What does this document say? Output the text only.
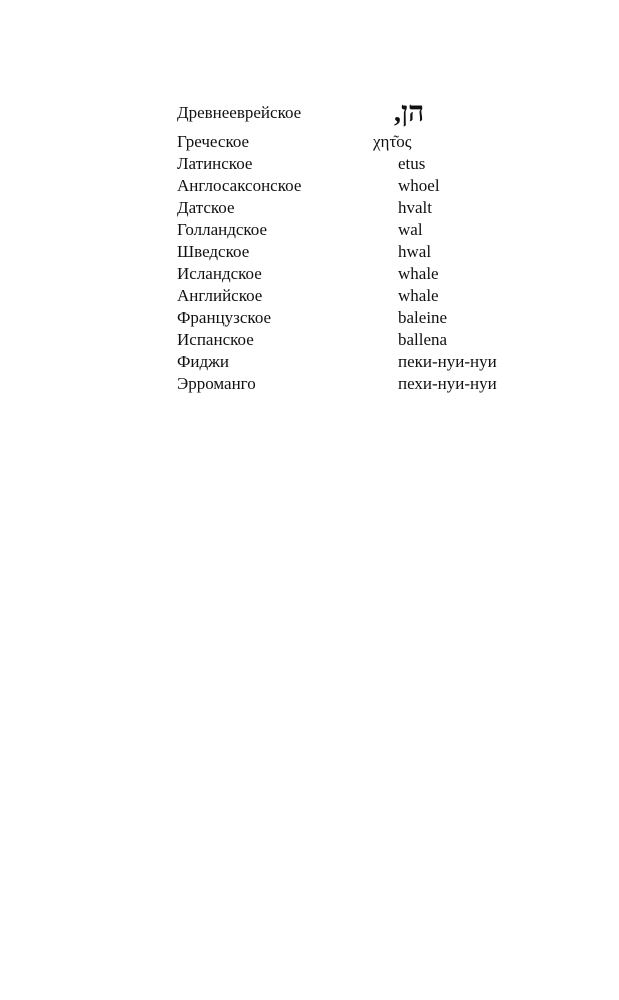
Древнееврейское	הן,
Греческое	χητ͂ος
Латинское	etus
Англосаксонское	whoel
Датское	hvalt
Голландское	wal
Шведское	hwal
Исландское	whale
Английское	whale
Французское	baleine
Испанское	ballena
Фиджи	пеки-нуи-нуи
Эрроманго	пехи-нуи-нуи
